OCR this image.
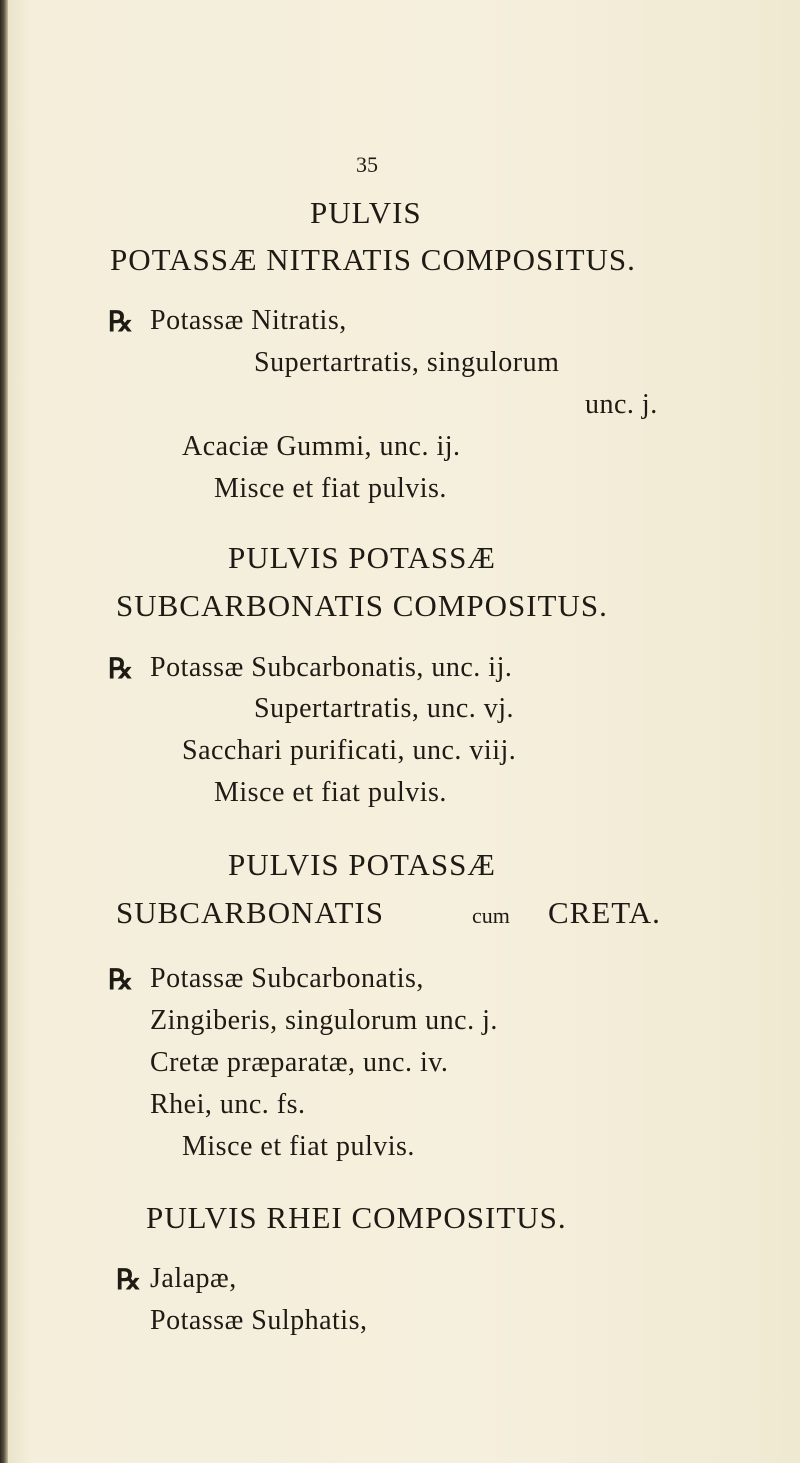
35
PULVIS
POTASSÆ NITRATIS COMPOSITUS.
℞ Potassæ Nitratis,
Supertartratis, singulorum
unc. j.
Acaciæ Gummi, unc. ij.
Misce et fiat pulvis.
PULVIS POTASSÆ
SUBCARBONATIS COMPOSITUS.
℞ Potassæ Subcarbonatis, unc. ij.
Supertartratis, unc. vj.
Sacchari purificati, unc. viij.
Misce et fiat pulvis.
PULVIS POTASSÆ
SUBCARBONATIS	cum CRETA.
℞ Potassæ Subcarbonatis,
Zingiberis, singulorum unc. j.
Cretæ præparatæ, unc. iv.
Rhei, unc. fs.
Misce et fiat pulvis.
PULVIS RHEI COMPOSITUS.
℞ Jalapæ,
Potassæ Sulphatis,
